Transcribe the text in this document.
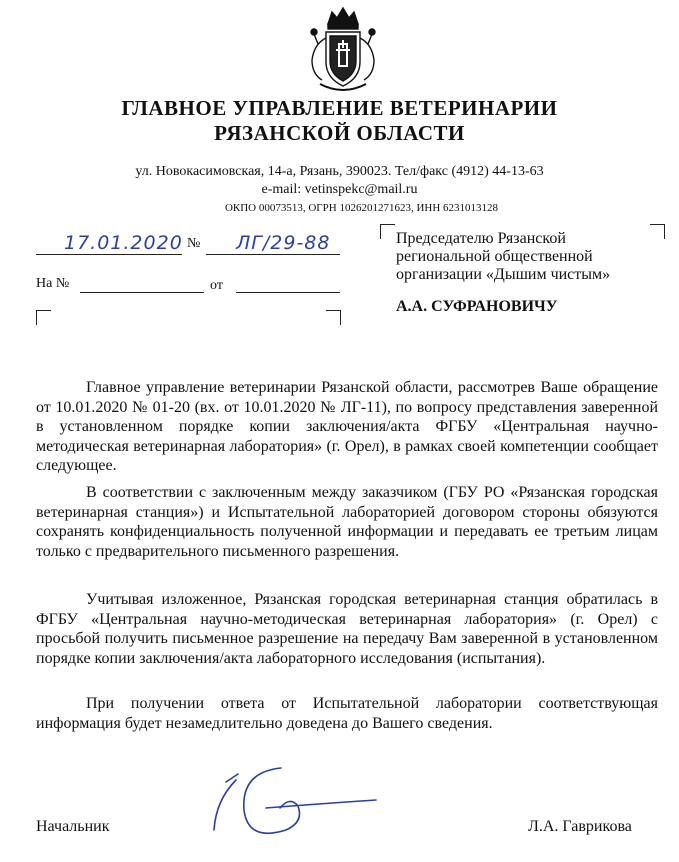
ГЛАВНОЕ УПРАВЛЕНИЕ ВЕТЕРИНАРИИ
РЯЗАНСКОЙ ОБЛАСТИ
ул. Новокасимовская, 14-а, Рязань, 390023. Тел/факс (4912) 44-13-63
e-mail: vetinspekc@mail.ru
ОКПО 00073513, ОГРН 1026201271623, ИНН 6231013128
17.01.2020 № ЛГ/29-88
На №	от
Председателю Рязанской
региональной общественной
организации «Дышим чистым»
А.А. СУФРАНОВИЧУ

Главное управление ветеринарии Рязанской области, рассмотрев Ваше обращение от 10.01.2020 № 01-20 (вх. от 10.01.2020 № ЛГ-11), по вопросу представления заверенной в установленном порядке копии заключения/акта ФГБУ «Центральная научно-методическая ветеринарная лаборатория» (г. Орел), в рамках своей компетенции сообщает следующее.

В соответствии с заключенным между заказчиком (ГБУ РО «Рязанская городская ветеринарная станция») и Испытательной лабораторией договором стороны обязуются сохранять конфиденциальность полученной информации и передавать ее третьим лицам только с предварительного письменного разрешения.

Учитывая изложенное, Рязанская городская ветеринарная станция обратилась в ФГБУ «Центральная научно-методическая ветеринарная лаборатория» (г. Орел) с просьбой получить письменное разрешение на передачу Вам заверенной в установленном порядке копии заключения/акта лабораторного исследования (испытания).

При получении ответа от Испытательной лаборатории соответствующая информация будет незамедлительно доведена до Вашего сведения.

Начальник	Л.А. Гаврикова
